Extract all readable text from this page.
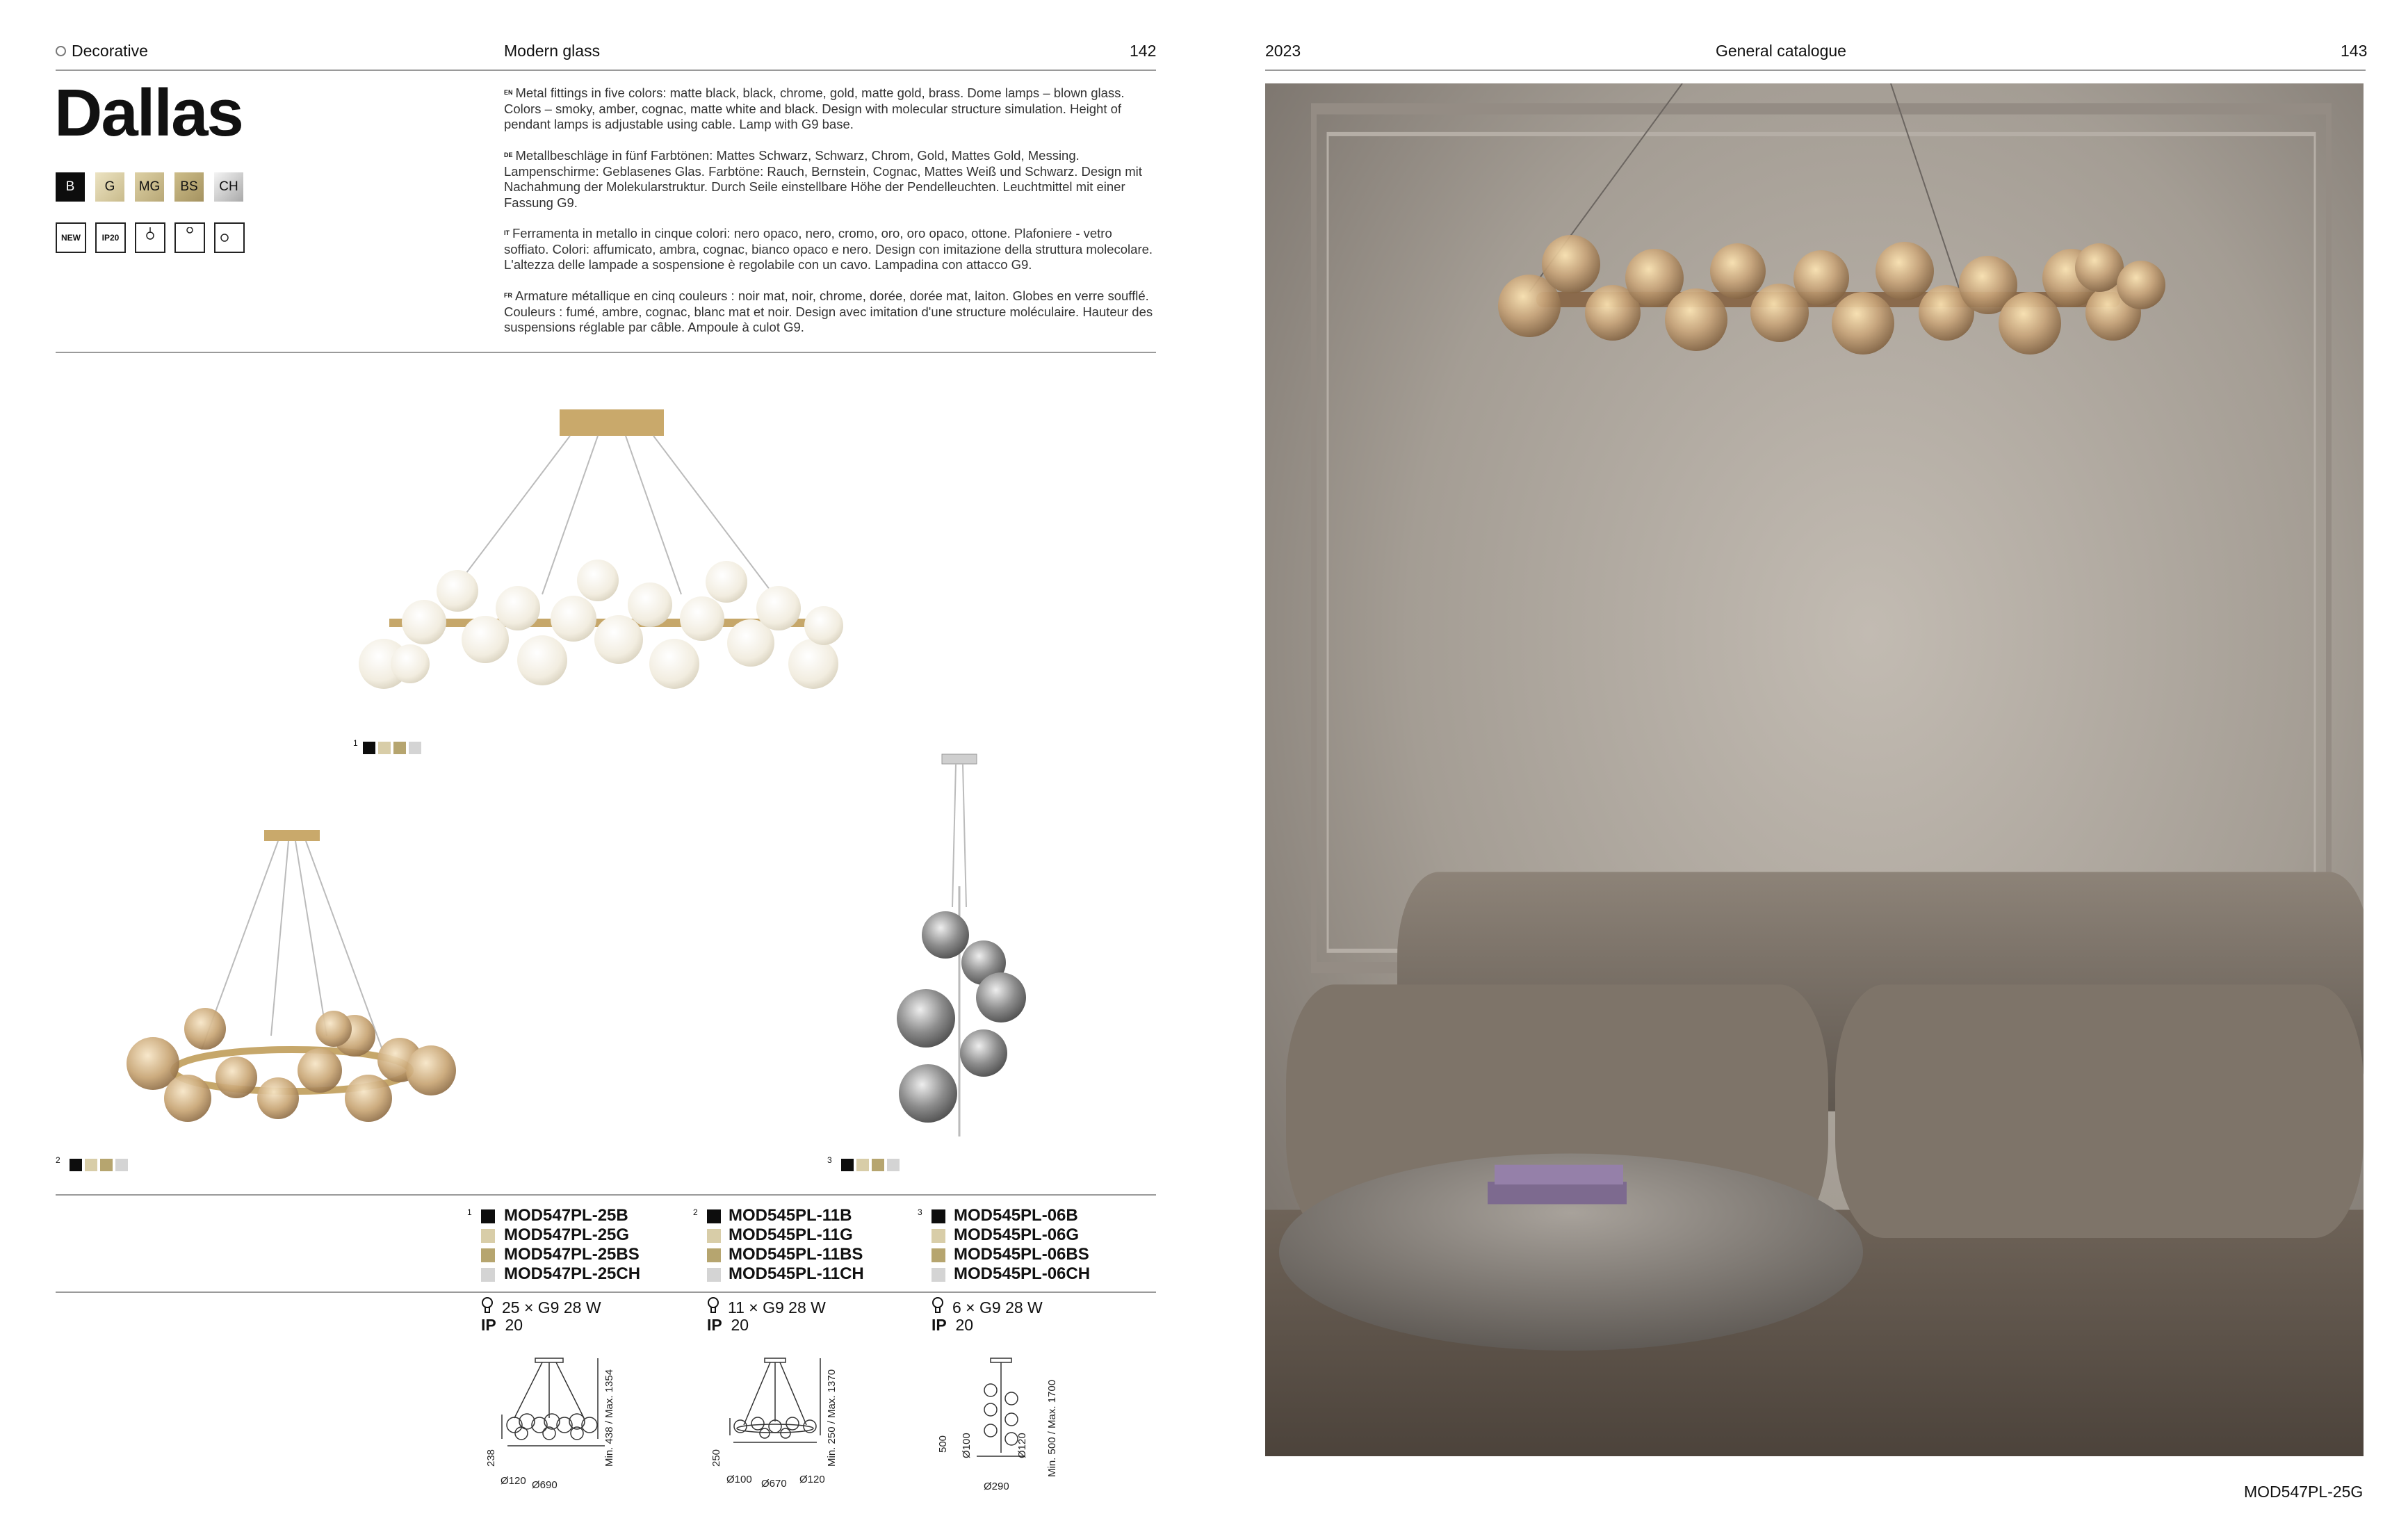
Decorative	Modern glass	142
Dallas
B	G	MG	BS	CH
NEW	IP20
$^{EN}$ Metal fittings in five colors: matte black, black, chrome, gold, matte gold, brass. Dome lamps – blown glass. Colors – smoky, amber, cognac, matte white and black. Design with molecular structure simulation. Height of pendant lamps is adjustable using cable. Lamp with G9 base.
$^{DE}$ Metallbeschläge in fünf Farbtönen: Mattes Schwarz, Schwarz, Chrom, Gold, Mattes Gold, Messing. Lampenschirme: Geblasenes Glas. Farbtöne: Rauch, Bernstein, Cognac, Mattes Weiß und Schwarz. Design mit Nachahmung der Molekularstruktur. Durch Seile einstellbare Höhe der Pendelleuchten. Leuchtmittel mit einer Fassung G9.
$^{IT}$ Ferramenta in metallo in cinque colori: nero opaco, nero, cromo, oro, oro opaco, ottone. Plafoniere - vetro soffiato. Colori: affumicato, ambra, cognac, bianco opaco e nero. Design con imitazione della struttura molecolare. L'altezza delle lampade a sospensione è regolabile con un cavo. Lampadina con attacco G9.
$^{FR}$ Armature métallique en cinq couleurs : noir mat, noir, chrome, dorée, dorée mat, laiton. Globes en verre soufflé. Couleurs : fumé, ambre, cognac, blanc mat et noir. Design avec imitation d'une structure moléculaire. Hauteur des suspensions réglable par câble. Ampoule à culot G9.
1
2	3
1 MOD547PL-25B
MOD547PL-25G
MOD547PL-25BS
MOD547PL-25CH
2 MOD545PL-11B
MOD545PL-11G
MOD545PL-11BS
MOD545PL-11CH
3 MOD545PL-06B
MOD545PL-06G
MOD545PL-06BS
MOD545PL-06CH
25 × G9 28 W
IP 20
11 × G9 28 W
IP 20
6 × G9 28 W
IP 20
238	Min. 438 / Max. 1354
Ø120 Ø690
250	Min. 250 / Max. 1370
Ø100 Ø670 Ø120
500 Ø100	Ø120 Min. 500 / Max. 1700
Ø290
2023	General catalogue	143
MOD547PL-25G
